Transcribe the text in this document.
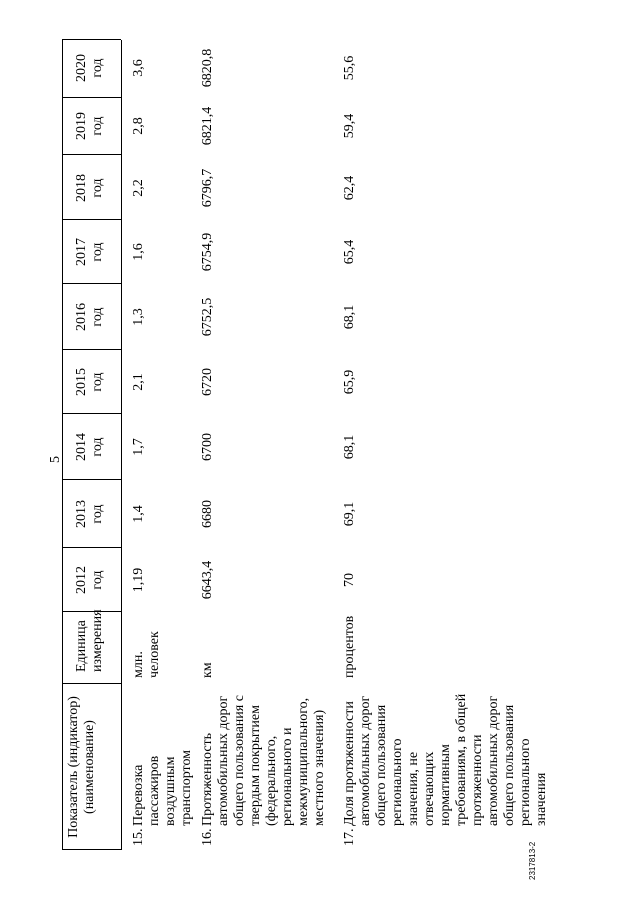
5
Показатель (индикатор) (наименование)
Единица измерения
2012 год
2013 год
2014 год
2015 год
2016 год
2017 год
2018 год
2019 год
2020 год
15.
Перевозка пассажиров воздушным транспортом
млн. человек
1,19
1,4
1,7
2,1
1,3
1,6
2,2
2,8
3,6
16.
Протяженность автомобильных дорог общего пользования с твердым покрытием (федерального, регионального и межмуниципального, местного значения)
км
6643,4
6680
6700
6720
6752,5
6754,9
6796,7
6821,4
6820,8
17.
Доля протяженности автомобильных дорог общего пользования регионального значения, не отвечающих нормативным требованиям, в общей протяженности автомобильных дорог общего пользования регионального значения
процентов
70
69,1
68,1
65,9
68,1
65,4
62,4
59,4
55,6
2317813-2
